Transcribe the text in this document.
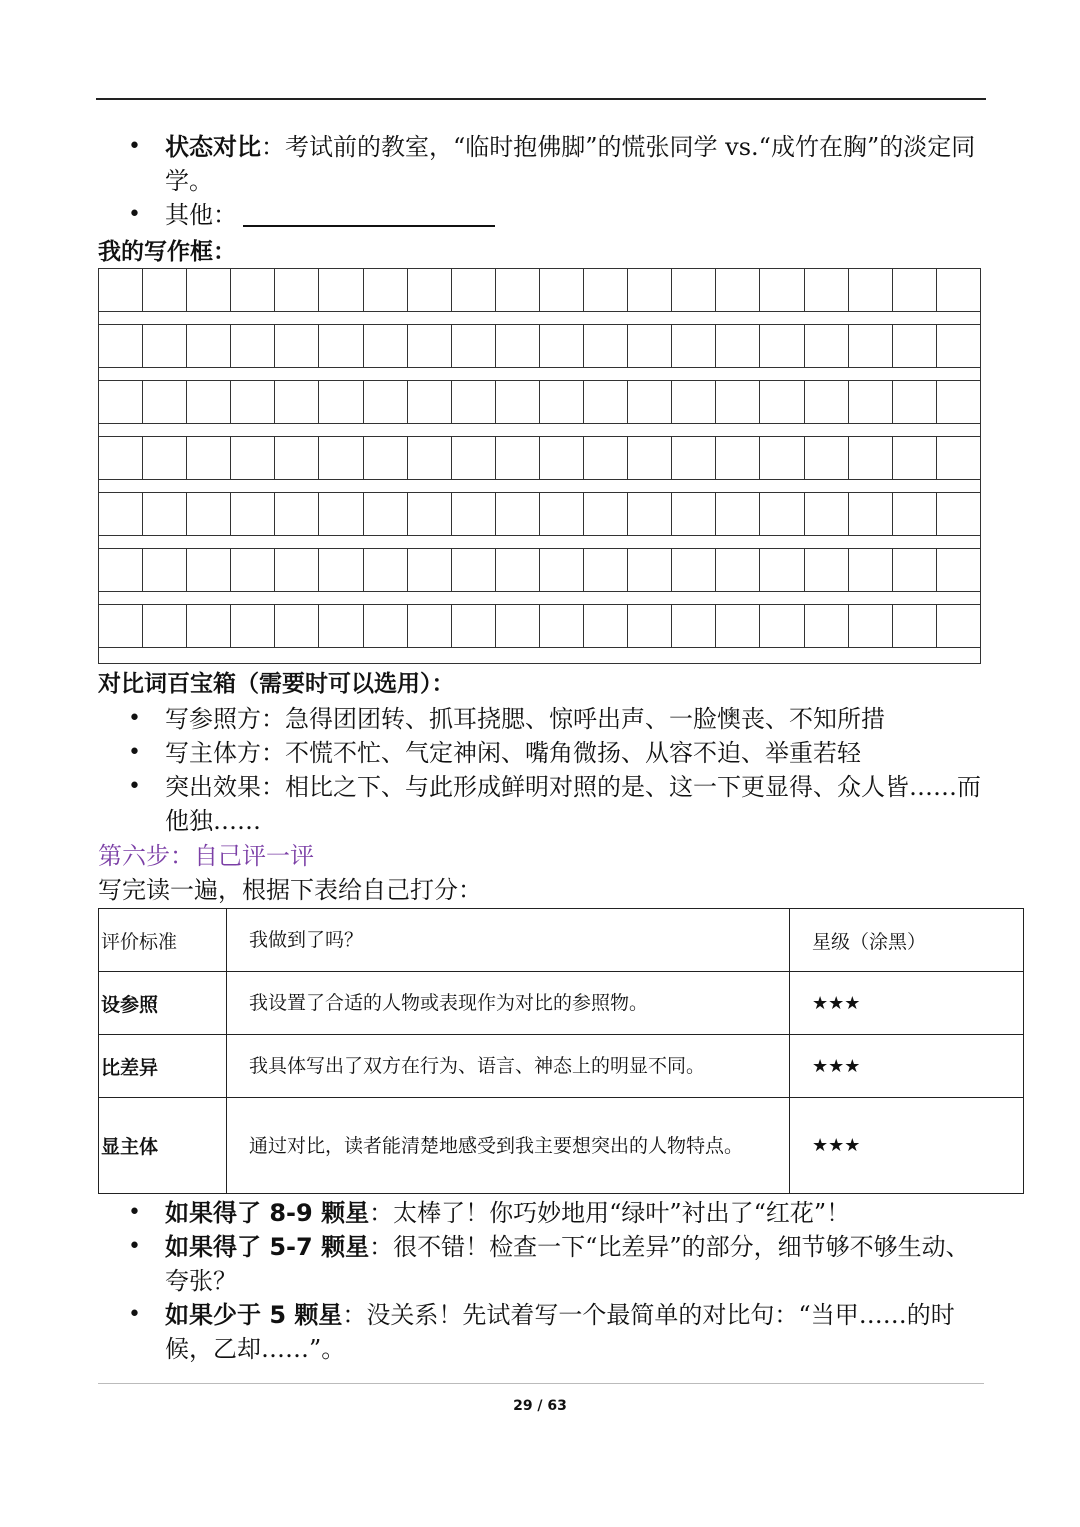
• 状态对比：考试前的教室，“临时抱佛脚”的慌张同学 vs.“成竹在胸”的淡定同学。
• 其他：
我的写作框：
对比词百宝箱（需要时可以选用）：
• 写参照方：急得团团转、抓耳挠腮、惊呼出声、一脸懊丧、不知所措
• 写主体方：不慌不忙、气定神闲、嘴角微扬、从容不迫、举重若轻
• 突出效果：相比之下、与此形成鲜明对照的是、这一下更显得、众人皆……而他独……
第六步：自己评一评
写完读一遍，根据下表给自己打分：
评价标准	我做到了吗？	星级（涂黑）
设参照	我设置了合适的人物或表现作为对比的参照物。	★★★
比差异	我具体写出了双方在行为、语言、神态上的明显不同。	★★★
显主体	通过对比，读者能清楚地感受到我主要想突出的人物特点。	★★★
• 如果得了 8-9 颗星：太棒了！你巧妙地用“绿叶”衬出了“红花”！
• 如果得了 5-7 颗星：很不错！检查一下“比差异”的部分，细节够不够生动、夸张？
• 如果少于 5 颗星：没关系！先试着写一个最简单的对比句：“当甲……的时候，乙却……”。
29 / 63
